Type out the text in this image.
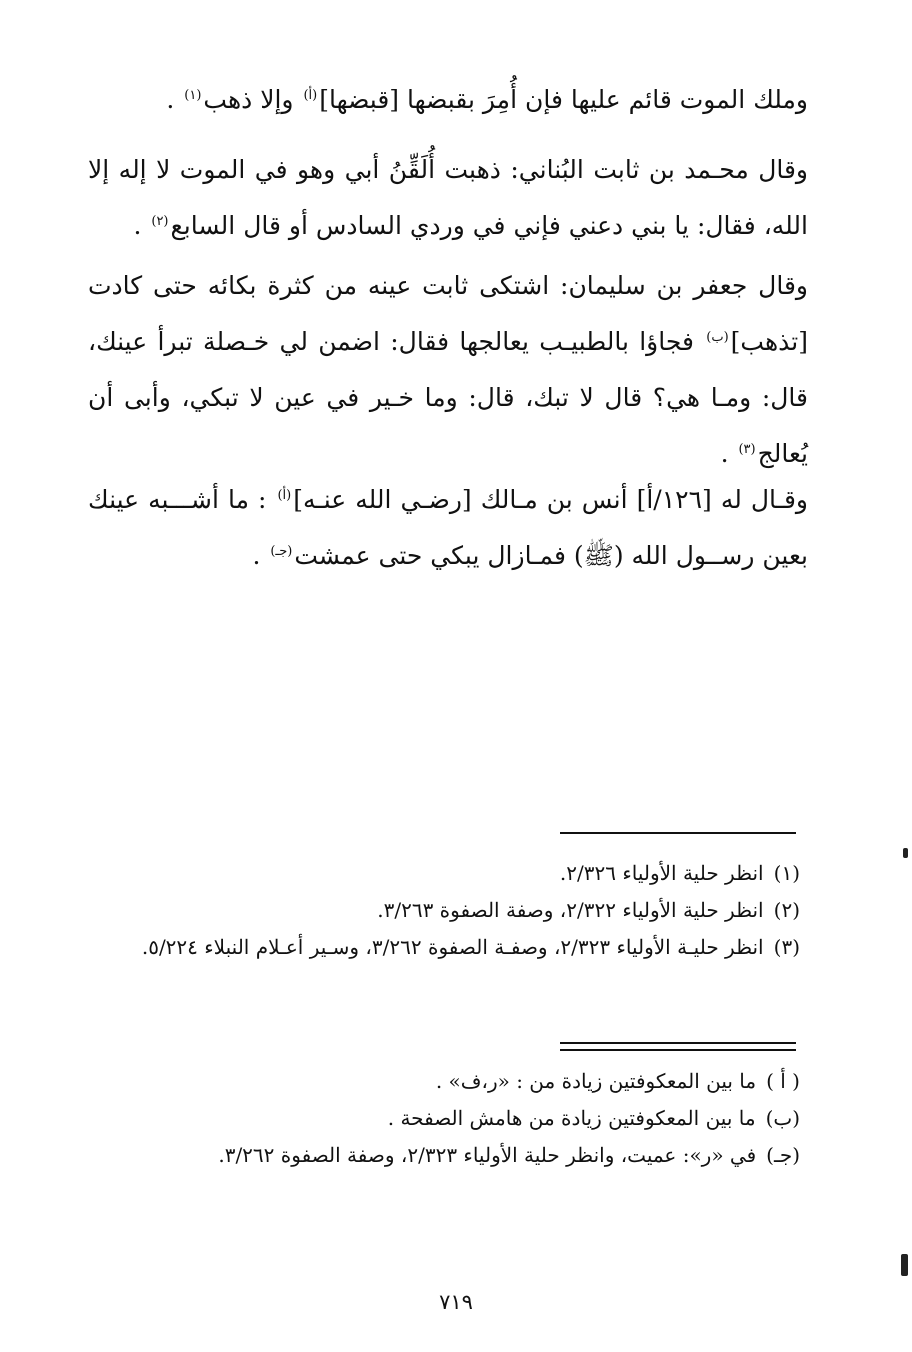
وملك الموت قائم عليها فإن أُمِرَ بقبضها [قبضها]$^{(أ)}$ وإلا ذهب$^{(١)}$ .

وقال محـمد بن ثابت البُناني: ذهبت أُلَقِّنُ أبي وهو في الموت لا إله إلا الله، فقال: يا بني دعني فإني في وردي السادس أو قال السابع$^{(٢)}$ .

وقال جعفر بن سليمان: اشتكى ثابت عينه من كثرة بكائه حتى كادت [تذهب]$^{(ب)}$ فجاؤا بالطبيـب يعالجها فقال: اضمن لي خـصلة تبرأ عينك، قال: ومـا هي؟ قال لا تبك، قال: وما خـير في عين لا تبكي، وأبى أن يُعالج$^{(٣)}$ .

وقـال له [١٢٦/أ] أنس بن مـالك [رضـي الله عنـه]$^{(أ)}$ : ما أشـــبه عينك بعين رســول الله (ﷺ) فمـازال يبكي حتى عمشت$^{(جـ)}$ .

(١)انظر حلية الأولياء ٢/٣٢٦.

(٢)انظر حلية الأولياء ٢/٣٢٢، وصفة الصفوة ٣/٢٦٣.

(٣)انظر حليـة الأولياء ٢/٣٢٣، وصفـة الصفوة ٣/٢٦٢، وسـير أعـلام النبلاء ٥/٢٢٤.

( أ )ما بين المعكوفتين زيادة من : «ر،ف» .

(ب)ما بين المعكوفتين زيادة من هامش الصفحة .

(جـ)في «ر»: عميت، وانظر حلية الأولياء ٢/٣٢٣، وصفة الصفوة ٣/٢٦٢.

٧١٩
